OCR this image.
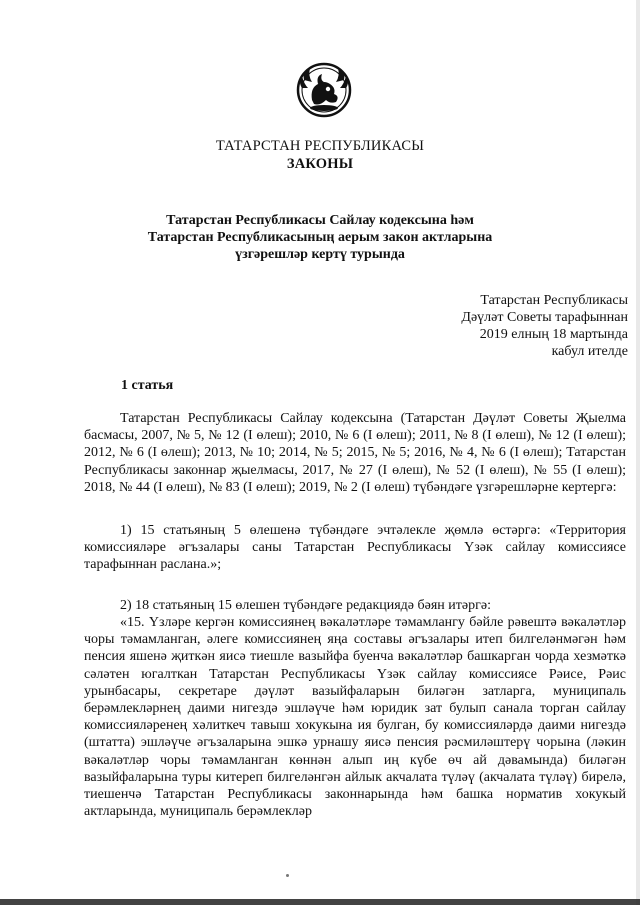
ТАТАРСТАН РЕСПУБЛИКАСЫ
ЗАКОНЫ
Татарстан Республикасы Сайлау кодексына һәм
Татарстан Республикасының аерым закон актларына
үзгәрешләр кертү турында
Татарстан Республикасы
Дәүләт Советы тарафыннан
2019 елның 18 мартында
кабул ителде
1 статья

Татарстан Республикасы Сайлау кодексына (Татарстан Дәүләт Советы Җыелма басмасы, 2007, № 5, № 12 (I өлеш); 2010, № 6 (I өлеш); 2011, № 8 (I өлеш), № 12 (I өлеш); 2012, № 6 (I өлеш); 2013, № 10; 2014, № 5; 2015, № 5; 2016, № 4, № 6 (I өлеш); Татарстан Республикасы законнар җыелмасы, 2017, № 27 (I өлеш), № 52 (I өлеш), № 55 (I өлеш); 2018, № 44 (I өлеш), № 83 (I өлеш); 2019, № 2 (I өлеш) түбәндәге үзгәрешләрне кертергә:

1) 15 статьяның 5 өлешенә түбәндәге эчтәлекле җөмлә өстәргә: «Территория комиссияләре әгъзалары саны Татарстан Республикасы Үзәк сайлау комиссиясе тарафыннан расланa.»;

2) 18 статьяның 15 өлешен түбәндәге редакциядә бәян итәргә:

«15. Үзләре кергән комиссиянең вәкаләтләре тәмамлангу бәйле рәвештә вәкаләтләр чоры тәмамланган, әлеге комиссиянең яңа составы әгъзалары итеп билгеләнмәгән һәм пенсия яшенә җиткән яисә тиешле вазыйфа буенча вәкаләтләр башкарган чорда хезмәткә сәләтен югалткан Татарстан Республикасы Үзәк сайлау комиссиясе Рәисе, Рәис урынбасары, секретаре дәүләт вазыйфаларын биләгән затларга, муниципаль берәмлекләрнең даими нигездә эшләүче һәм юридик зат булып санала торган сайлау комиссияләренең хәлиткеч тавыш хокукына ия булган, бу комиссияләрдә даими нигездә (штатта) эшләүче әгъзаларына эшкә урнашу яисә пенсия рәсмиләштерү чорына (ләкин вәкаләтләр чоры тәмамланган көннән алып иң күбе өч ай дәвамында) биләгән вазыйфаларына туры китереп билгеләнгән айлык акчалата түләү (акчалата түләү) бирелә, тиешенчә Татарстан Республикасы законнарында һәм башка норматив хокукый актларында, муниципаль берәмлекләр
